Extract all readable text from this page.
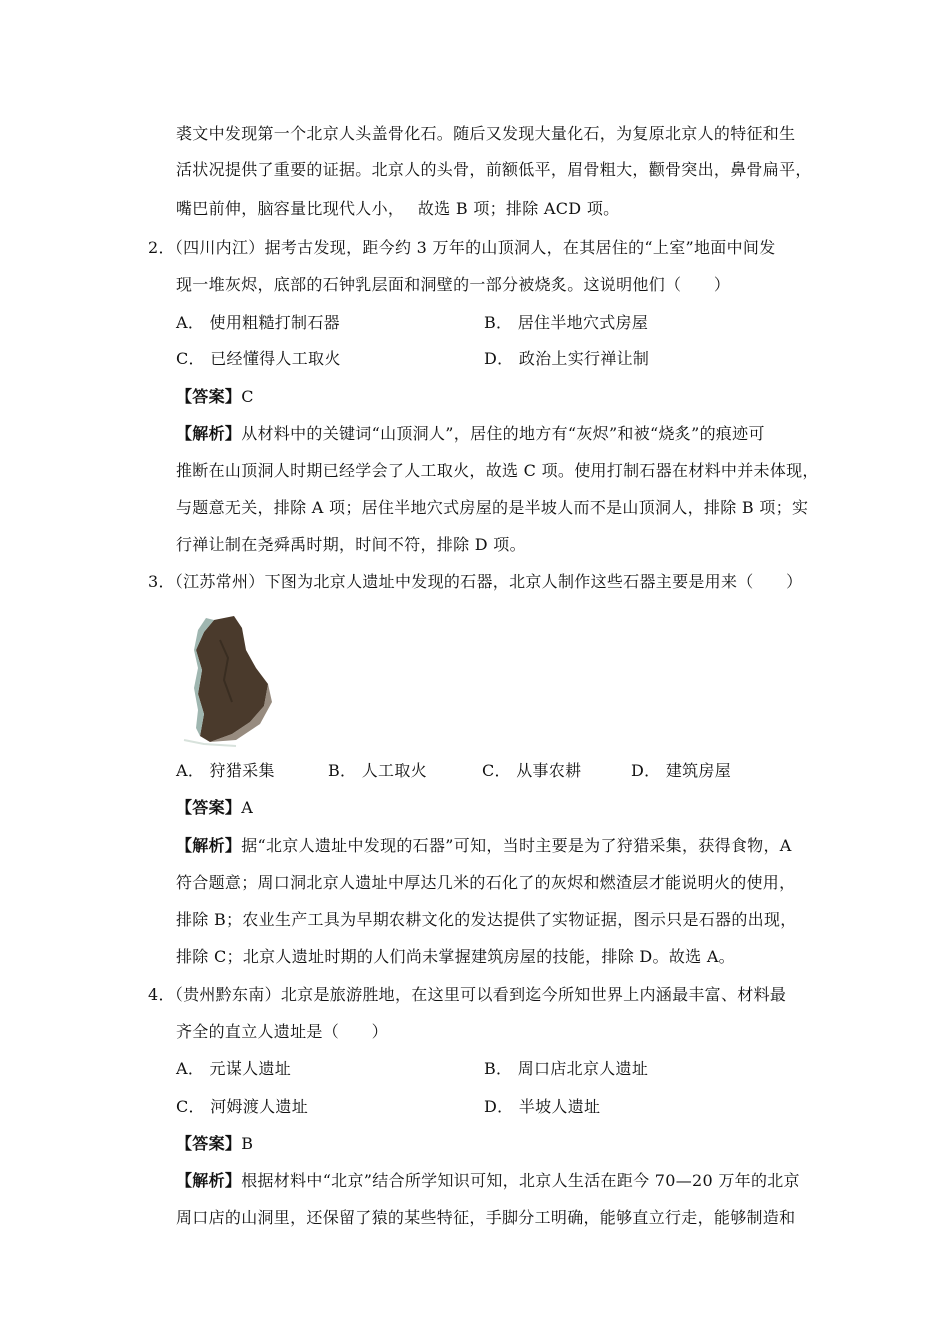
裘文中发现第一个北京人头盖骨化石。随后又发现大量化石，为复原北京人的特征和生
活状况提供了重要的证据。北京人的头骨，前额低平，眉骨粗大，颧骨突出，鼻骨扁平，
嘴巴前伸，脑容量比现代人小，　 故选 B 项；排除 ACD 项。
2．（四川内江）据考古发现，距今约 3 万年的山顶洞人，在其居住的“上室”地面中间发
现一堆灰烬，底部的石钟乳层面和洞壁的一部分被烧炙。这说明他们（　　）
A． 使用粗糙打制石器	B． 居住半地穴式房屋
C． 已经懂得人工取火	D． 政治上实行禅让制
【答案】C
【解析】从材料中的关键词“山顶洞人”，居住的地方有“灰烬”和被“烧炙”的痕迹可
推断在山顶洞人时期已经学会了人工取火，故选 C 项。使用打制石器在材料中并未体现，
与题意无关，排除 A 项；居住半地穴式房屋的是半坡人而不是山顶洞人，排除 B 项；实
行禅让制在尧舜禹时期，时间不符，排除 D 项。
3．（江苏常州）下图为北京人遗址中发现的石器，北京人制作这些石器主要是用来（　　）
A． 狩猎采集	B． 人工取火	C． 从事农耕	D． 建筑房屋
【答案】A
【解析】据“北京人遗址中发现的石器”可知，当时主要是为了狩猎采集，获得食物，A
符合题意；周口洞北京人遗址中厚达几米的石化了的灰烬和燃渣层才能说明火的使用，
排除 B；农业生产工具为早期农耕文化的发达提供了实物证据，图示只是石器的出现，
排除 C；北京人遗址时期的人们尚未掌握建筑房屋的技能，排除 D。故选 A。
4．（贵州黔东南）北京是旅游胜地，在这里可以看到迄今所知世界上内涵最丰富、材料最
齐全的直立人遗址是（　　）
A． 元谋人遗址	B． 周口店北京人遗址
C． 河姆渡人遗址	D． 半坡人遗址
【答案】B
【解析】根据材料中“北京”结合所学知识可知，北京人生活在距今 70—20 万年的北京
周口店的山洞里，还保留了猿的某些特征，手脚分工明确，能够直立行走，能够制造和
